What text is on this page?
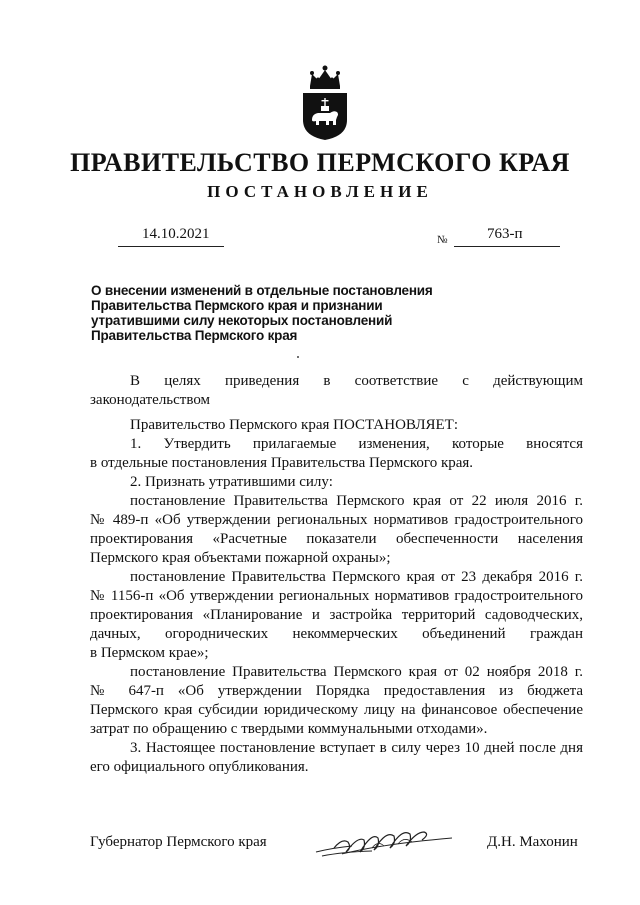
ПРАВИТЕЛЬСТВО ПЕРМСКОГО КРАЯ
ПОСТАНОВЛЕНИЕ
14.10.2021	№	763-п
О внесении изменений в отдельные постановления
Правительства Пермского края и признании
утратившими силу некоторых постановлений
Правительства Пермского края
В целях приведения в соответствие с действующим
законодательством
Правительство Пермского края ПОСТАНОВЛЯЕТ:
1. Утвердить прилагаемые изменения, которые вносятся
в отдельные постановления Правительства Пермского края.
2. Признать утратившими силу:
постановление Правительства Пермского края от 22 июля 2016 г.
№ 489-п «Об утверждении региональных нормативов градостроительного
проектирования «Расчетные показатели обеспеченности населения
Пермского края объектами пожарной охраны»;
постановление Правительства Пермского края от 23 декабря 2016 г.
№ 1156-п «Об утверждении региональных нормативов градостроительного
проектирования «Планирование и застройка территорий садоводческих,
дачных, огороднических некоммерческих объединений граждан
в Пермском крае»;
постановление Правительства Пермского края от 02 ноября 2018 г.
№ 647-п «Об утверждении Порядка предоставления из бюджета
Пермского края субсидии юридическому лицу на финансовое обеспечение
затрат по обращению с твердыми коммунальными отходами».
3. Настоящее постановление вступает в силу через 10 дней после дня
его официального опубликования.
Губернатор Пермского края	Д.Н. Махонин
